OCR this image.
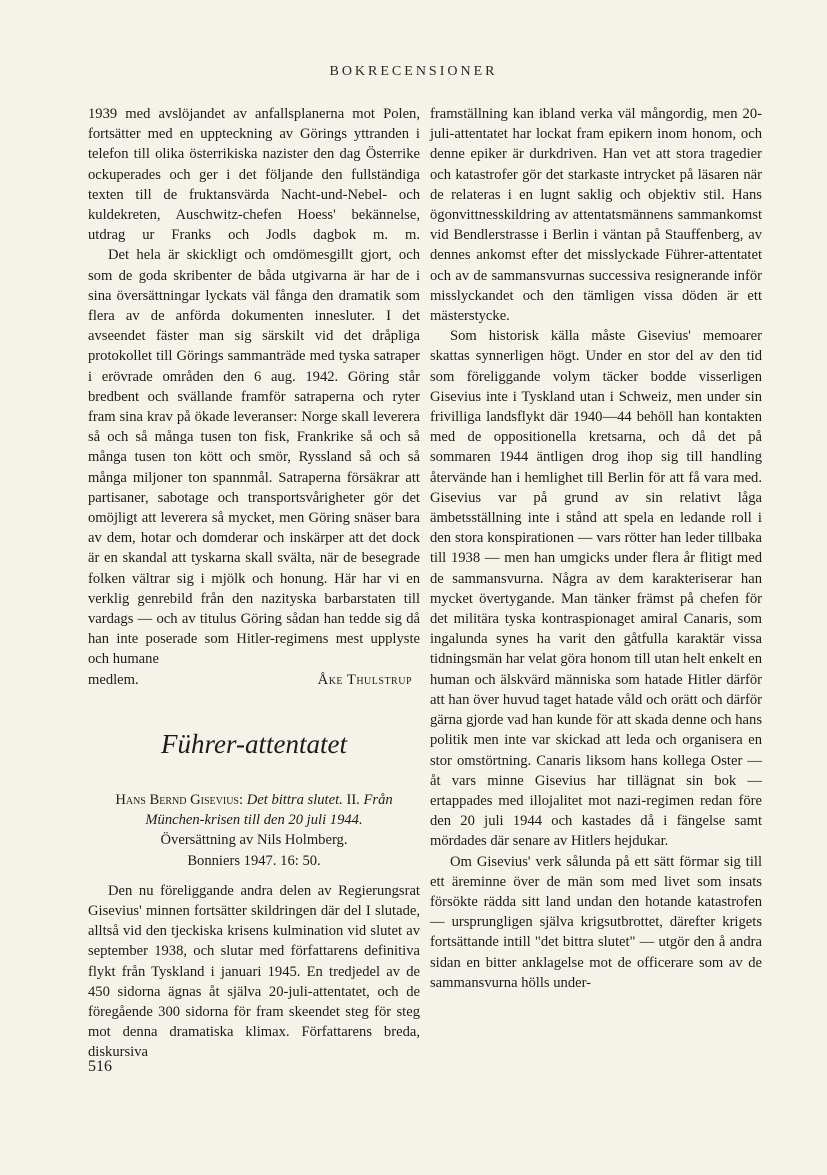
BOKRECENSIONER

1939 med avslöjandet av anfallsplanerna mot Polen, fortsätter med en uppteckning av Görings yttranden i telefon till olika österrikiska nazister den dag Österrike ockuperades och ger i det följande den fullständiga texten till de fruktansvärda Nacht-und-Nebel- och kuldekreten, Auschwitz-chefen Hoess' bekännelse, utdrag ur Franks och Jodls dagbok m. m.

Det hela är skickligt och omdömesgillt gjort, och som de goda skribenter de båda utgivarna är har de i sina översättningar lyckats väl fånga den dramatik som flera av de anförda dokumenten innesluter. I det avseendet fäster man sig särskilt vid det dråpliga protokollet till Görings sammanträde med tyska satraper i erövrade områden den 6 aug. 1942. Göring står bredbent och svällande framför satraperna och ryter fram sina krav på ökade leveranser: Norge skall leverera så och så många tusen ton fisk, Frankrike så och så många tusen ton kött och smör, Ryssland så och så många miljoner ton spannmål. Satraperna försäkrar att partisaner, sabotage och transportsvårigheter gör det omöjligt att leverera så mycket, men Göring snäser bara av dem, hotar och domderar och inskärper att det dock är en skandal att tyskarna skall svälta, när de besegrade folken vältrar sig i mjölk och honung. Här har vi en verklig genrebild från den nazityska barbarstaten till vardags — och av titulus Göring sådan han tedde sig då han inte poserade som Hitler-regimens mest upplyste och humane

medlem.	Åke Thulstrup
Führer-attentatet
Hans Bernd Gisevius: Det bittra slutet. II. Från München-krisen till den 20 juli 1944.
Översättning av Nils Holmberg.
Bonniers 1947. 16: 50.

Den nu föreliggande andra delen av Regierungsrat Gisevius' minnen fortsätter skildringen där del I slutade, alltså vid den tjeckiska krisens kulmination vid slutet av september 1938, och slutar med författarens definitiva flykt från Tyskland i januari 1945. En tredjedel av de 450 sidorna ägnas åt själva 20-juli-attentatet, och de föregående 300 sidorna för fram skeendet steg för steg mot denna dramatiska klimax. Författarens breda, diskursiva

framställning kan ibland verka väl mångordig, men 20-juli-attentatet har lockat fram epikern inom honom, och denne epiker är durkdriven. Han vet att stora tragedier och katastrofer gör det starkaste intrycket på läsaren när de relateras i en lugnt saklig och objektiv stil. Hans ögonvittnesskildring av attentatsmännens sammankomst vid Bendlerstrasse i Berlin i väntan på Stauffenberg, av dennes ankomst efter det misslyckade Führer-attentatet och av de sammansvurnas successiva resignerande inför misslyckandet och den tämligen vissa döden är ett mästerstycke.

Som historisk källa måste Gisevius' memoarer skattas synnerligen högt. Under en stor del av den tid som föreliggande volym täcker bodde visserligen Gisevius inte i Tyskland utan i Schweiz, men under sin frivilliga landsflykt där 1940—44 behöll han kontakten med de oppositionella kretsarna, och då det på sommaren 1944 äntligen drog ihop sig till handling återvände han i hemlighet till Berlin för att få vara med. Gisevius var på grund av sin relativt låga ämbetsställning inte i stånd att spela en ledande roll i den stora konspirationen — vars rötter han leder tillbaka till 1938 — men han umgicks under flera år flitigt med de sammansvurna. Några av dem karakteriserar han mycket övertygande. Man tänker främst på chefen för det militära tyska kontraspionaget amiral Canaris, som ingalunda synes ha varit den gåtfulla karaktär vissa tidningsmän har velat göra honom till utan helt enkelt en human och älskvärd människa som hatade Hitler därför att han över huvud taget hatade våld och orätt och därför gärna gjorde vad han kunde för att skada denne och hans politik men inte var skickad att leda och organisera en stor omstörtning. Canaris liksom hans kollega Oster — åt vars minne Gisevius har tillägnat sin bok — ertappades med illojalitet mot nazi-regimen redan före den 20 juli 1944 och kastades då i fängelse samt mördades där senare av Hitlers hejdukar.

Om Gisevius' verk sålunda på ett sätt förmar sig till ett äreminne över de män som med livet som insats försökte rädda sitt land undan den hotande katastrofen — ursprungligen själva krigsutbrottet, därefter krigets fortsättande intill "det bittra slutet" — utgör den å andra sidan en bitter anklagelse mot de officerare som av de sammansvurna hölls under-

516
